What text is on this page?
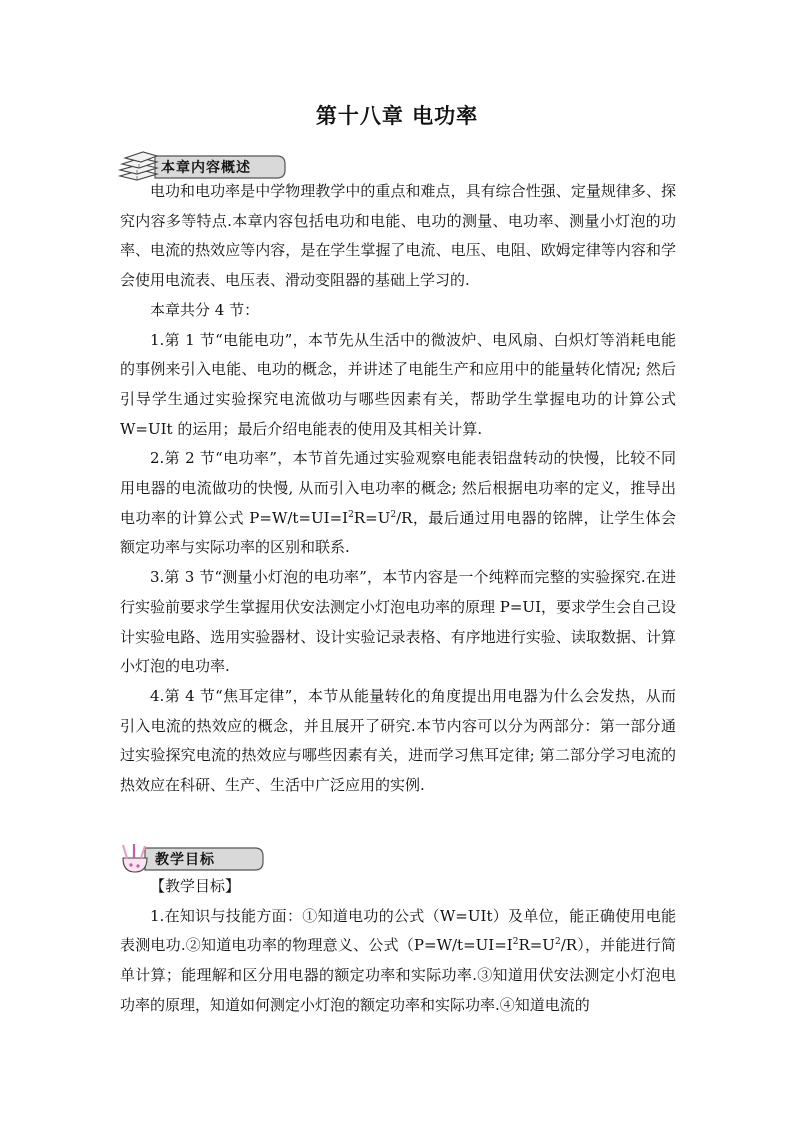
第十八章 电功率
本章内容概述

电功和电功率是中学物理教学中的重点和难点，具有综合性强、定量规律多、探究内容多等特点.本章内容包括电功和电能、电功的测量、电功率、测量小灯泡的功率、电流的热效应等内容，是在学生掌握了电流、电压、电阻、欧姆定律等内容和学会使用电流表、电压表、滑动变阻器的基础上学习的.

本章共分 4 节：

1.第 1 节“电能电功”，本节先从生活中的微波炉、电风扇、白炽灯等消耗电能的事例来引入电能、电功的概念，并讲述了电能生产和应用中的能量转化情况; 然后引导学生通过实验探究电流做功与哪些因素有关，帮助学生掌握电功的计算公式 W=UIt 的运用；最后介绍电能表的使用及其相关计算.

2.第 2 节“电功率”，本节首先通过实验观察电能表铝盘转动的快慢，比较不同用电器的电流做功的快慢, 从而引入电功率的概念; 然后根据电功率的定义，推导出电功率的计算公式 $P=W/t=UI=I^2R=U^2/R$，最后通过用电器的铭牌，让学生体会额定功率与实际功率的区别和联系.

3.第 3 节“测量小灯泡的电功率”，本节内容是一个纯粹而完整的实验探究.在进行实验前要求学生掌握用伏安法测定小灯泡电功率的原理 P=UI，要求学生会自己设计实验电路、选用实验器材、设计实验记录表格、有序地进行实验、读取数据、计算小灯泡的电功率.

4.第 4 节“焦耳定律”，本节从能量转化的角度提出用电器为什么会发热，从而引入电流的热效应的概念，并且展开了研究.本节内容可以分为两部分：第一部分通过实验探究电流的热效应与哪些因素有关，进而学习焦耳定律; 第二部分学习电流的热效应在科研、生产、生活中广泛应用的实例.

教学目标

【教学目标】

1.在知识与技能方面：①知道电功的公式（W=UIt）及单位，能正确使用电能表测电功.②知道电功率的物理意义、公式$(P=W/t=UI=I^2R=U^2/R)$，并能进行简单计算；能理解和区分用电器的额定功率和实际功率.③知道用伏安法测定小灯泡电功率的原理，知道如何测定小灯泡的额定功率和实际功率.④知道电流的
